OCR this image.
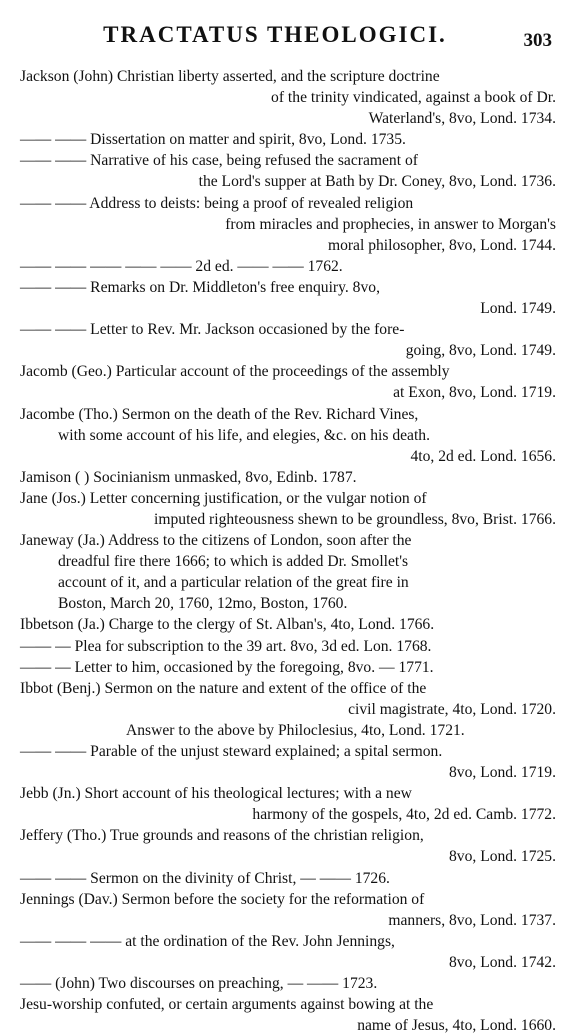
TRACTATUS THEOLOGICI.	303
Jackson (John) Christian liberty asserted, and the scripture doctrine
of the trinity vindicated, against a book of Dr.
Waterland's, 8vo, Lond. 1734.
—— —— Dissertation on matter and spirit, 8vo, Lond. 1735.
—— —— Narrative of his case, being refused the sacrament of
the Lord's supper at Bath by Dr. Coney, 8vo, Lond. 1736.
—— —— Address to deists: being a proof of revealed religion
from miracles and prophecies, in answer to Morgan's
moral philosopher, 8vo, Lond. 1744.
—— —— —— —— —— 2d ed. —— —— 1762.
—— —— Remarks on Dr. Middleton's free enquiry. 8vo,
Lond. 1749.
—— —— Letter to Rev. Mr. Jackson occasioned by the fore-
going, 8vo, Lond. 1749.
Jacomb (Geo.) Particular account of the proceedings of the assembly
at Exon, 8vo, Lond. 1719.
Jacombe (Tho.) Sermon on the death of the Rev. Richard Vines,
with some account of his life, and elegies, &c. on his death.
4to, 2d ed. Lond. 1656.
Jamison ( ) Socinianism unmasked, 8vo, Edinb. 1787.
Jane (Jos.) Letter concerning justification, or the vulgar notion of
imputed righteousness shewn to be groundless, 8vo, Brist. 1766.
Janeway (Ja.) Address to the citizens of London, soon after the
dreadful fire there 1666; to which is added Dr. Smollet's
account of it, and a particular relation of the great fire in
Boston, March 20, 1760, 12mo, Boston, 1760.
Ibbetson (Ja.) Charge to the clergy of St. Alban's, 4to, Lond. 1766.
—— — Plea for subscription to the 39 art. 8vo, 3d ed. Lon. 1768.
—— — Letter to him, occasioned by the foregoing, 8vo. — 1771.
Ibbot (Benj.) Sermon on the nature and extent of the office of the
civil magistrate, 4to, Lond. 1720.
Answer to the above by Philoclesius, 4to, Lond. 1721.
—— —— Parable of the unjust steward explained; a spital sermon.
8vo, Lond. 1719.
Jebb (Jn.) Short account of his theological lectures; with a new
harmony of the gospels, 4to, 2d ed. Camb. 1772.
Jeffery (Tho.) True grounds and reasons of the christian religion,
8vo, Lond. 1725.
—— —— Sermon on the divinity of Christ, — —— 1726.
Jennings (Dav.) Sermon before the society for the reformation of
manners, 8vo, Lond. 1737.
—— —— —— at the ordination of the Rev. John Jennings,
8vo, Lond. 1742.
—— (John) Two discourses on preaching, — —— 1723.
Jesu-worship confuted, or certain arguments against bowing at the
name of Jesus, 4to, Lond. 1660.
